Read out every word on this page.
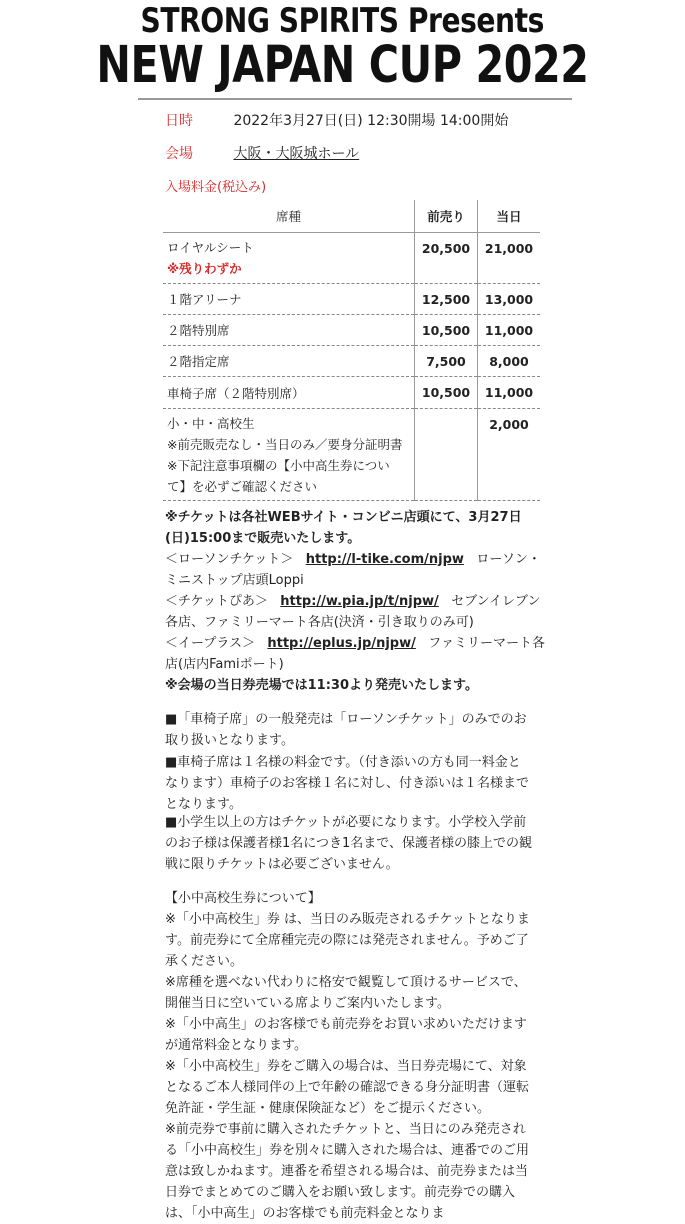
STRONG SPIRITS Presents
NEW JAPAN CUP 2022
日時	2022年3月27日(日) 12:30開場 14:00開始
会場	大阪・大阪城ホール
入場料金(税込み)
席種	前売り	当日

ロイヤルシート
※残りわずか	20,500	21,000
１階アリーナ	12,500	13,000
２階特別席	10,500	11,000
２階指定席	7,500	8,000
車椅子席（２階特別席）	10,500	11,000

小・中・高校生
※前売販売なし・当日のみ／要身分証明書
※下記注意事項欄の【小中高生券につい
て】を必ずご確認ください		2,000

※チケットは各社WEBサイト・コンビニ店頭にて、3月27日

(日)15:00まで販売いたします。

＜ローソンチケット＞ http://l-tike.com/njpw ローソン・

ミニストップ店頭Loppi

＜チケットぴあ＞ http://w.pia.jp/t/njpw/ セブンイレブン

各店、ファミリーマート各店(決済・引き取りのみ可)

＜イープラス＞ http://eplus.jp/njpw/ ファミリーマート各

店(店内Famiポート)

※会場の当日券売場では11:30より発売いたします。

■「車椅子席」の一般発売は「ローソンチケット」のみでのお

取り扱いとなります。

■車椅子席は１名様の料金です。（付き添いの方も同一料金と

なります）車椅子のお客様１名に対し、付き添いは１名様まで

となります。

■小学生以上の方はチケットが必要になります。小学校入学前

のお子様は保護者様1名につき1名まで、保護者様の膝上での観

戦に限りチケットは必要ございません。

【小中高校生券について】

※「小中高校生」券 は、当日のみ販売されるチケットとなりま

す。前売券にて全席種完売の際には発売されません。予めご了

承ください。

※席種を選べない代わりに格安で観覧して頂けるサービスで、

開催当日に空いている席よりご案内いたします。

※「小中高生」のお客様でも前売券をお買い求めいただけます

が通常料金となります。

※「小中高校生」券をご購入の場合は、当日券売場にて、対象

となるご本人様同伴の上で年齢の確認できる身分証明書（運転

免許証・学生証・健康保険証など）をご提示ください。

※前売券で事前に購入されたチケットと、当日にのみ発売され

る「小中高校生」券を別々に購入された場合は、連番でのご用

意は致しかねます。連番を希望される場合は、前売券または当

日券でまとめてのご購入をお願い致します。前売券での購入

は、「小中高生」のお客様でも前売料金となりま
